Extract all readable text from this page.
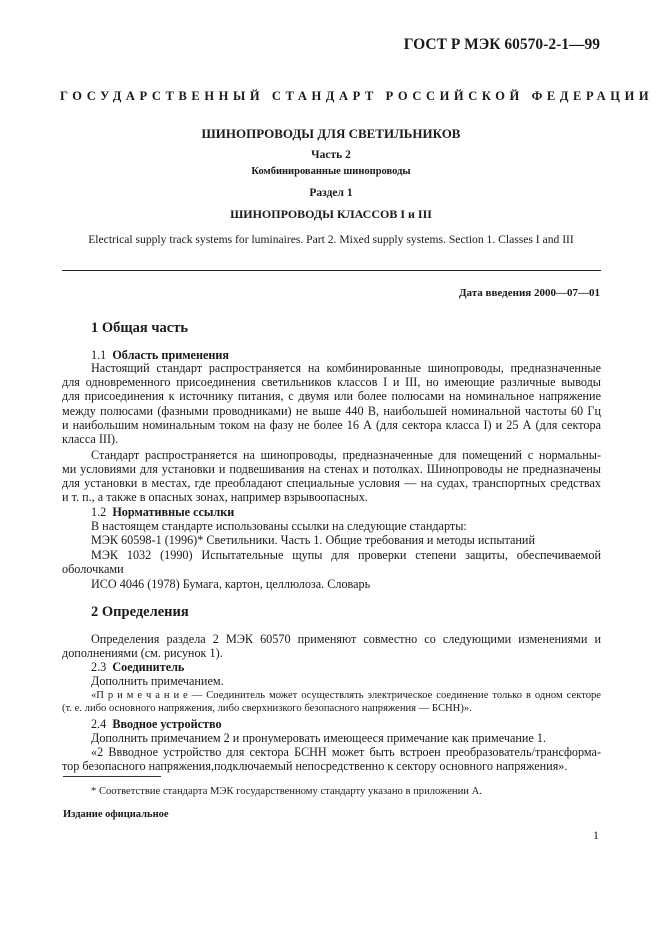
ГОСТ Р МЭК 60570-2-1—99
ГОСУДАРСТВЕННЫЙ СТАНДАРТ РОССИЙСКОЙ ФЕДЕРАЦИИ
ШИНОПРОВОДЫ ДЛЯ СВЕТИЛЬНИКОВ
Часть 2
Комбинированные шинопроводы
Раздел 1
ШИНОПРОВОДЫ КЛАССОВ I и III
Electrical supply track systems for luminaires. Part 2. Mixed supply systems. Section 1. Classes I and III
Дата введения 2000—07—01
1 Общая часть
1.1 Область применения
Настоящий стандарт распространяется на комбинированные шинопроводы, предназначенные
для одновременного присоединения светильников классов I и III, но имеющие различные выводы
для присоединения к источнику питания, с двумя или более полюсами на номинальное напряжение
между полюсами (фазными проводниками) не выше 440 В, наибольшей номинальной частоты 60 Гц
и наибольшим номинальным током на фазу не более 16 А (для сектора класса I) и 25 А (для сектора
класса III).
Стандарт распространяется на шинопроводы, предназначенные для помещений с нормальны-
ми условиями для установки и подвешивания на стенах и потолках. Шинопроводы не предназначены
для установки в местах, где преобладают специальные условия — на судах, транспортных средствах
и т. п., а также в опасных зонах, например взрывоопасных.
1.2 Нормативные ссылки
В настоящем стандарте использованы ссылки на следующие стандарты:
МЭК 60598-1 (1996)* Светильники. Часть 1. Общие требования и методы испытаний
МЭК 1032 (1990) Испытательные щупы для проверки степени защиты, обеспечиваемой
оболочками
ИСО 4046 (1978) Бумага, картон, целлюлоза. Словарь
2 Определения
Определения раздела 2 МЭК 60570 применяют совместно со следующими изменениями и
дополнениями (см. рисунок 1).
2.3 Соединитель
Дополнить примечанием.
«П р и м е ч а н и е — Соединитель может осуществлять электрическое соединение только в одном секторе
(т. е. либо основного напряжения, либо сверхнизкого безопасного напряжения — БСНН)».
2.4 Вводное устройство
Дополнить примечанием 2 и пронумеровать имеющееся примечание как примечание 1.
«2 Ввводное устройство для сектора БСНН может быть встроен преобразователь/трансформа-
тор безопасного напряжения,подключаемый непосредственно к сектору основного напряжения».
* Соответствие стандарта МЭК государственному стандарту указано в приложении А.
Издание официальное
1
